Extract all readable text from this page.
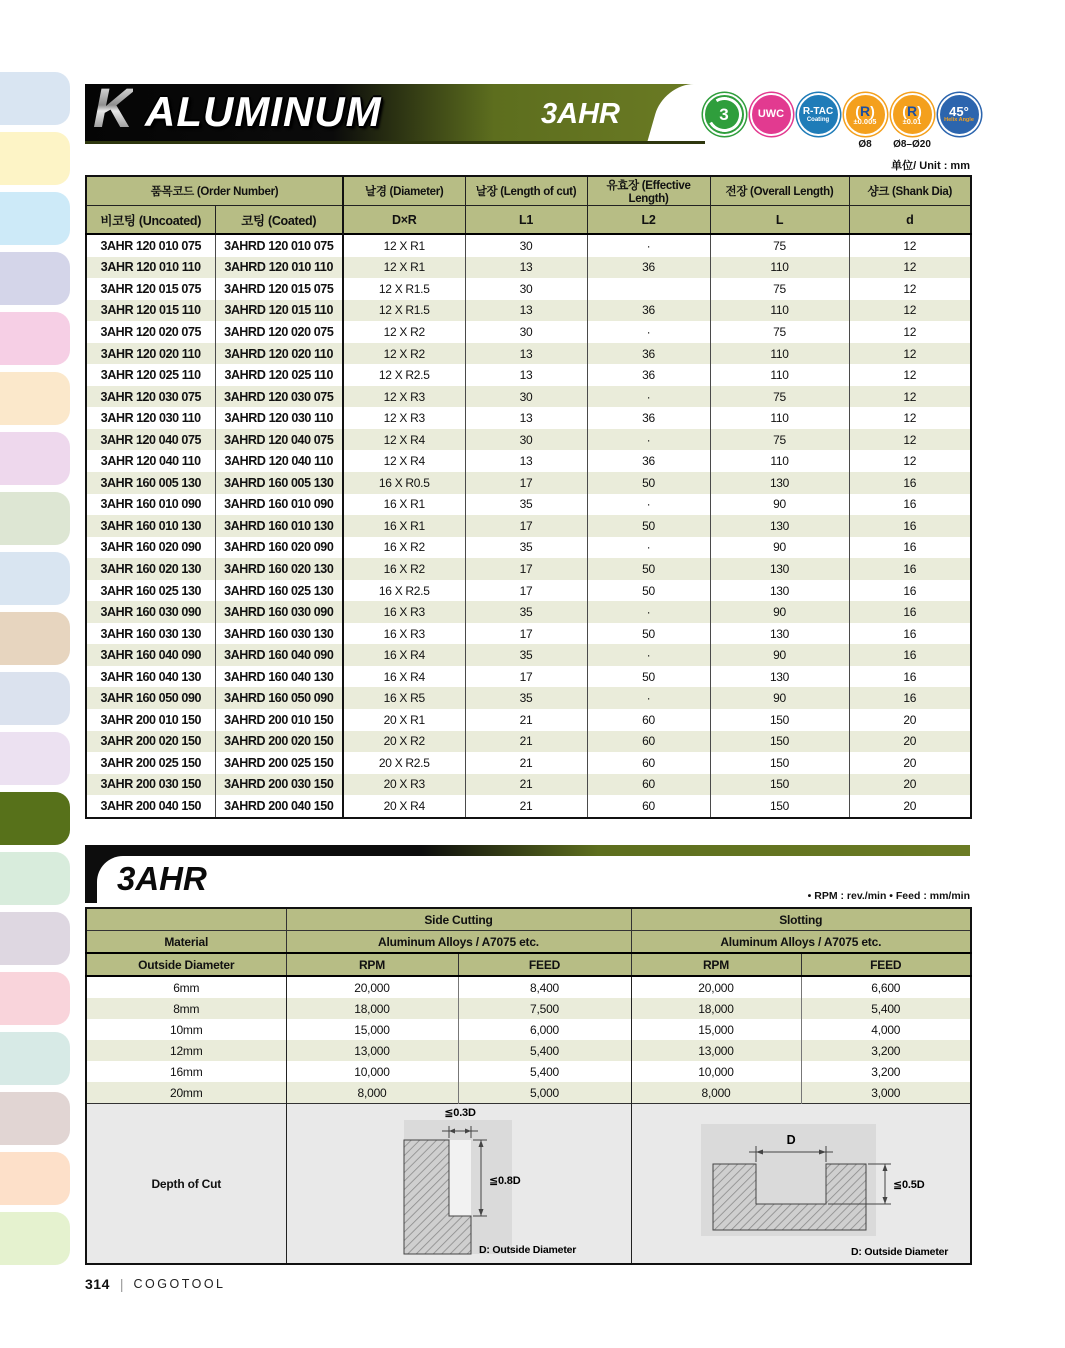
K ALUMINUM	3AHR	3	UWC R-TAC
Coating
(R)
±0.005
Ø8
(R)
±0.01
Ø8–Ø20
45°
Helix Angle
单位/ Unit : mm
품목코드 (Order Number)		날경 (Diameter)	날장 (Length of cut)	유효장 (Effective Length)	전장 (Overall Length)	샹크 (Shank Dia)
비코팅 (Uncoated)	코팅 (Coated)	D×R	L1	L2	L	d
3AHR 120 010 075	3AHRD 120 010 075	12 X R1	30	·	75	12
3AHR 120 010 110	3AHRD 120 010 110	12 X R1	13	36	110	12
3AHR 120 015 075	3AHRD 120 015 075	12 X R1.5	30		75	12
3AHR 120 015 110	3AHRD 120 015 110	12 X R1.5	13	36	110	12
3AHR 120 020 075	3AHRD 120 020 075	12 X R2	30	·	75	12
3AHR 120 020 110	3AHRD 120 020 110	12 X R2	13	36	110	12
3AHR 120 025 110	3AHRD 120 025 110	12 X R2.5	13	36	110	12
3AHR 120 030 075	3AHRD 120 030 075	12 X R3	30	·	75	12
3AHR 120 030 110	3AHRD 120 030 110	12 X R3	13	36	110	12
3AHR 120 040 075	3AHRD 120 040 075	12 X R4	30	·	75	12
3AHR 120 040 110	3AHRD 120 040 110	12 X R4	13	36	110	12
3AHR 160 005 130	3AHRD 160 005 130	16 X R0.5	17	50	130	16
3AHR 160 010 090	3AHRD 160 010 090	16 X R1	35	·	90	16
3AHR 160 010 130	3AHRD 160 010 130	16 X R1	17	50	130	16
3AHR 160 020 090	3AHRD 160 020 090	16 X R2	35	·	90	16
3AHR 160 020 130	3AHRD 160 020 130	16 X R2	17	50	130	16
3AHR 160 025 130	3AHRD 160 025 130	16 X R2.5	17	50	130	16
3AHR 160 030 090	3AHRD 160 030 090	16 X R3	35	·	90	16
3AHR 160 030 130	3AHRD 160 030 130	16 X R3	17	50	130	16
3AHR 160 040 090	3AHRD 160 040 090	16 X R4	35	·	90	16
3AHR 160 040 130	3AHRD 160 040 130	16 X R4	17	50	130	16
3AHR 160 050 090	3AHRD 160 050 090	16 X R5	35	·	90	16
3AHR 200 010 150	3AHRD 200 010 150	20 X R1	21	60	150	20
3AHR 200 020 150	3AHRD 200 020 150	20 X R2	21	60	150	20
3AHR 200 025 150	3AHRD 200 025 150	20 X R2.5	21	60	150	20
3AHR 200 030 150	3AHRD 200 030 150	20 X R3	21	60	150	20
3AHR 200 040 150	3AHRD 200 040 150	20 X R4	21	60	150	20
3AHR	• RPM : rev./min • Feed : mm/min
	Side Cutting		Slotting	
Material	Aluminum Alloys / A7075 etc.		Aluminum Alloys / A7075 etc.	
Outside Diameter	RPM	FEED	RPM	FEED
6mm	20,000	8,400	20,000	6,600
8mm	18,000	7,500	18,000	5,400
10mm	15,000	6,000	15,000	4,000
12mm	13,000	5,400	13,000	3,200
16mm	10,000	5,400	10,000	3,200
20mm	8,000	5,000	8,000	3,000
Depth of Cut	≦0.3D
≦0.8D
D: Outside Diameter		D
≦0.5D
D: Outside Diameter	
314 | COGOTOOL
